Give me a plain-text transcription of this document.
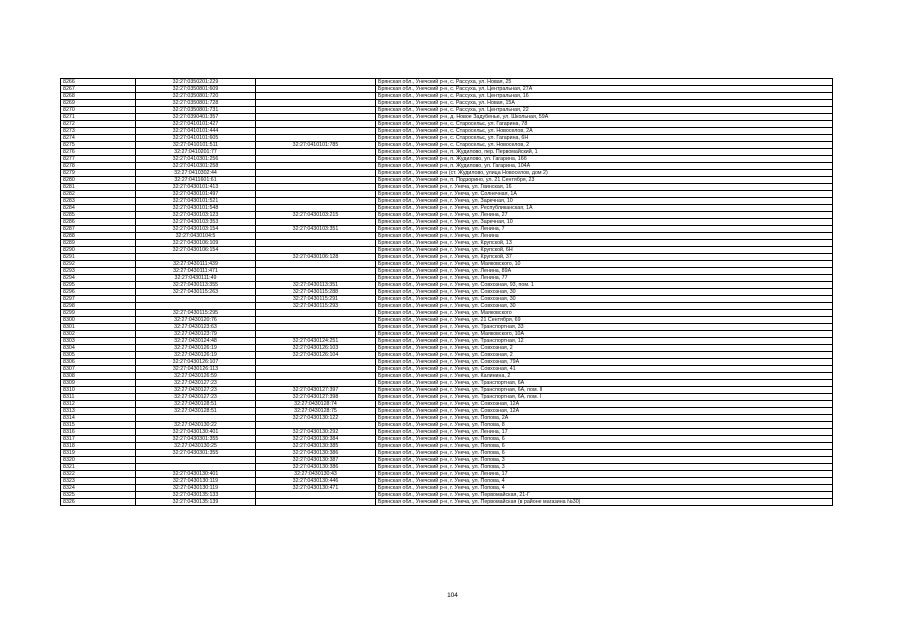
8266	32:27:0350201:229		Брянская обл., Унечский р-н, с. Рассуха, ул. Новая, 25
8267	32:27:0350801:609		Брянская обл., Унечский р-н, с. Рассуха, ул. Центральная, 27А
8268	32:27:0350801:720		Брянская обл., Унечский р-н, с. Рассуха, ул. Центральная, 16
8269	32:27:0350801:728		Брянская обл., Унечский р-н, с. Рассуха, ул. Новая, 15А
8270	32:27:0350801:731		Брянская обл., Унечский р-н, с. Рассуха, ул. Центральная, 22
8271	32:27:0390401:357		Брянская обл., Унечский р-н, д. Новое Задубенье, ул. Школьная, 59А
8272	32:27:0410101:427		Брянская обл., Унечский р-н, с. Старосельє, ул. Гагарина, 78
8273	32:27:0410101:444		Брянская обл., Унечский р-н, с. Старосельє, ул. Новоселов, 2А
8274	32:27:0410101:605		Брянская обл., Унечский р-н, с. Старосельє, ул. Гагарина, 6Н
8275	32:27:0410101:511	32:27:0410101:785	Брянская обл., Унечский р-н, с. Старосельє, ул. Новоселов, 2
8276	32:27:0410201:77		Брянская обл., Унечский р-н, п. Жудилово, пер. Первомайский, 1
8277	32:27:0410301:256		Брянская обл., Унечский р-н, п. Жудилово, ул. Гагарина, 16б
8278	32:27:0410301:258		Брянская обл., Унечский р-н, п. Жудилово, ул. Гагарина, 104А
8279	32:27:0410302:44		Брянская обл., Унечский р-н (ст. Жудилово, улица Новоселов, дом 2)
8280	32:27:0411601:61		Брянская обл., Унечский р-н, п. Подзорино, ул. 21 Сентября, 23
8281	32:27:0430101:413		Брянская обл., Унечский р-н, г. Унеча, ул. Гвинская, 16
8282	32:27:0430101:497		Брянская обл., Унечский р-н, г. Унеча, ул. Солнечная, 1А
8283	32:27:0430101:521		Брянская обл., Унечский р-н, г. Унеча, ул. Заречная, 10
8284	32:27:0430101:548		Брянская обл., Унечский р-н, г. Унеча, ул. Республиканская, 1А
8285	32:27:0430103:123	32:27:0430103:215	Брянская обл., Унечский р-н, г. Унеча, ул. Ленина, 27
8286	32:27:0430103:353		Брянская обл., Унечский р-н, г. Унеча, ул. Заречная, 10
8287	32:27:0430103:154	32:27:0430103:351	Брянская обл., Унечский р-н, г. Унеча, ул. Ленина, 7
8288	32:27:0430104:5		Брянская обл., Унечский р-н, г. Унеча, ул. Ленина
8289	32:27:0430106:109		Брянская обл., Унечский р-н, г. Унеча, ул. Крупской, 13
8290	32:27:0430106:154		Брянская обл., Унечский р-н, г. Унеча, ул. Крупской, 6Н
8291		32:27:0430106:128	Брянская обл., Унечский р-н, г. Унеча, ул. Крупской, 37
8292	32:27:0430111:439		Брянская обл., Унечский р-н, г. Унеча, ул. Маяковского, 10
8293	32:27:0430111:471		Брянская обл., Унечский р-н, г. Унеча, ул. Ленина, 89А
8294	32:27:0430111:49		Брянская обл., Унечский р-н, г. Унеча, ул. Ленина, 77
8295	32:27:0430113:355	32:27:0430113:351	Брянская обл., Унечский р-н, г. Унеча, ул. Совхозная, 93, пом. 1
8296	32:27:0430115:263	32:27:0430115:288	Брянская обл., Унечский р-н, г. Унеча, ул. Совхозная, 30
8297		32:27:0430115:291	Брянская обл., Унечский р-н, г. Унеча, ул. Совхозная, 30
8298		32:27:0430115:293	Брянская обл., Унечский р-н, г. Унеча, ул. Совхозная, 30
8299	32:27:0430115:295		Брянская обл., Унечский р-н, г. Унеча, ул. Маяковского
8300	32:27:0430120:76		Брянская обл., Унечский р-н, г. Унеча, ул. 21 Сентября, 69
8301	32:27:0430123:63		Брянская обл., Унечский р-н, г. Унеча, ул. Транспортная, 33
8302	32:27:0430123:79		Брянская обл., Унечский р-н, г. Унеча, ул. Маяковского, 10А
8303	32:27:0430124:48	32:27:0430124:251	Брянская обл., Унечский р-н, г. Унеча, ул. Транспортная, 12
8304	32:27:0430126:19	32:27:0430126:103	Брянская обл., Унечский р-н, г. Унеча, ул. Совхозная, 2
8305	32:27:0430126:19	32:27:0430126:104	Брянская обл., Унечский р-н, г. Унеча, ул. Совхозная, 2
8306	32:27:0430126:107		Брянская обл., Унечский р-н, г. Унеча, ул. Совхозная, 79А
8307	32:27:0430126:113		Брянская обл., Унечский р-н, г. Унеча, ул. Совхозная, 41
8308	32:27:0430126:59		Брянская обл., Унечский р-н, г. Унеча, ул. Калинина, 2
8309	32:27:0430127:23		Брянская обл., Унечский р-н, г. Унеча, ул. Транспортная, 6А
8310	32:27:0430127:23	32:27:0430127:397	Брянская обл., Унечский р-н, г. Унеча, ул. Транспортная, 6А, пом. II
8311	32:27:0430127:23	32:27:0430127:398	Брянская обл., Унечский р-н, г. Унеча, ул. Транспортная, 6А, пом. I
8312	32:27:0430128:51	32:27:0430128:74	Брянская обл., Унечский р-н, г. Унеча, ул. Совхозная, 12А
8313	32:27:0430128:51	32:27:0430128:75	Брянская обл., Унечский р-н, г. Унеча, ул. Совхозная, 12А
8314		32:27:0430130:122	Брянская обл., Унечский р-н, г. Унеча, ул. Попова, 2А
8315	32:27:0430130:22		Брянская обл., Унечский р-н, г. Унеча, ул. Попова, 8
8316	32:27:0430130:401	32:27:0430130:292	Брянская обл., Унечский р-н, г. Унеча, ул. Ленина, 17
8317	32:27:0430301:355	32:27:0430130:384	Брянская обл., Унечский р-н, г. Унеча, ул. Попова, 6
8318	32:27:0430130:25	32:27:0430130:385	Брянская обл., Унечский р-н, г. Унеча, ул. Попова, 6
8319	32:27:0430301:355	32:27:0430130:386	Брянская обл., Унечский р-н, г. Унеча, ул. Попова, 6
8320		32:27:0430130:387	Брянская обл., Унечский р-н, г. Унеча, ул. Попова, 3
8321		32:27:0430130:386	Брянская обл., Унечский р-н, г. Унеча, ул. Попова, 3
8322	32:27:0430130:401	32:27:0430130:43	Брянская обл., Унечский р-н, г. Унеча, ул. Ленина, 17
8323	32:27:0430130:119	32:27:0430130:446	Брянская обл., Унечский р-н, г. Унеча, ул. Попова, 4
8324	32:27:0430130:119	32:27:0430130:471	Брянская обл., Унечский р-н, г. Унеча, ул. Попова, 4
8325	32:27:0430135:133		Брянская обл., Унечский р-н, г. Унеча, ул. Первомайская, 21-Г
8326	32:27:0430135:139		Брянская обл., Унечский р-н, г. Унеча, ул. Первомайская (в районе магазина №30)
104
